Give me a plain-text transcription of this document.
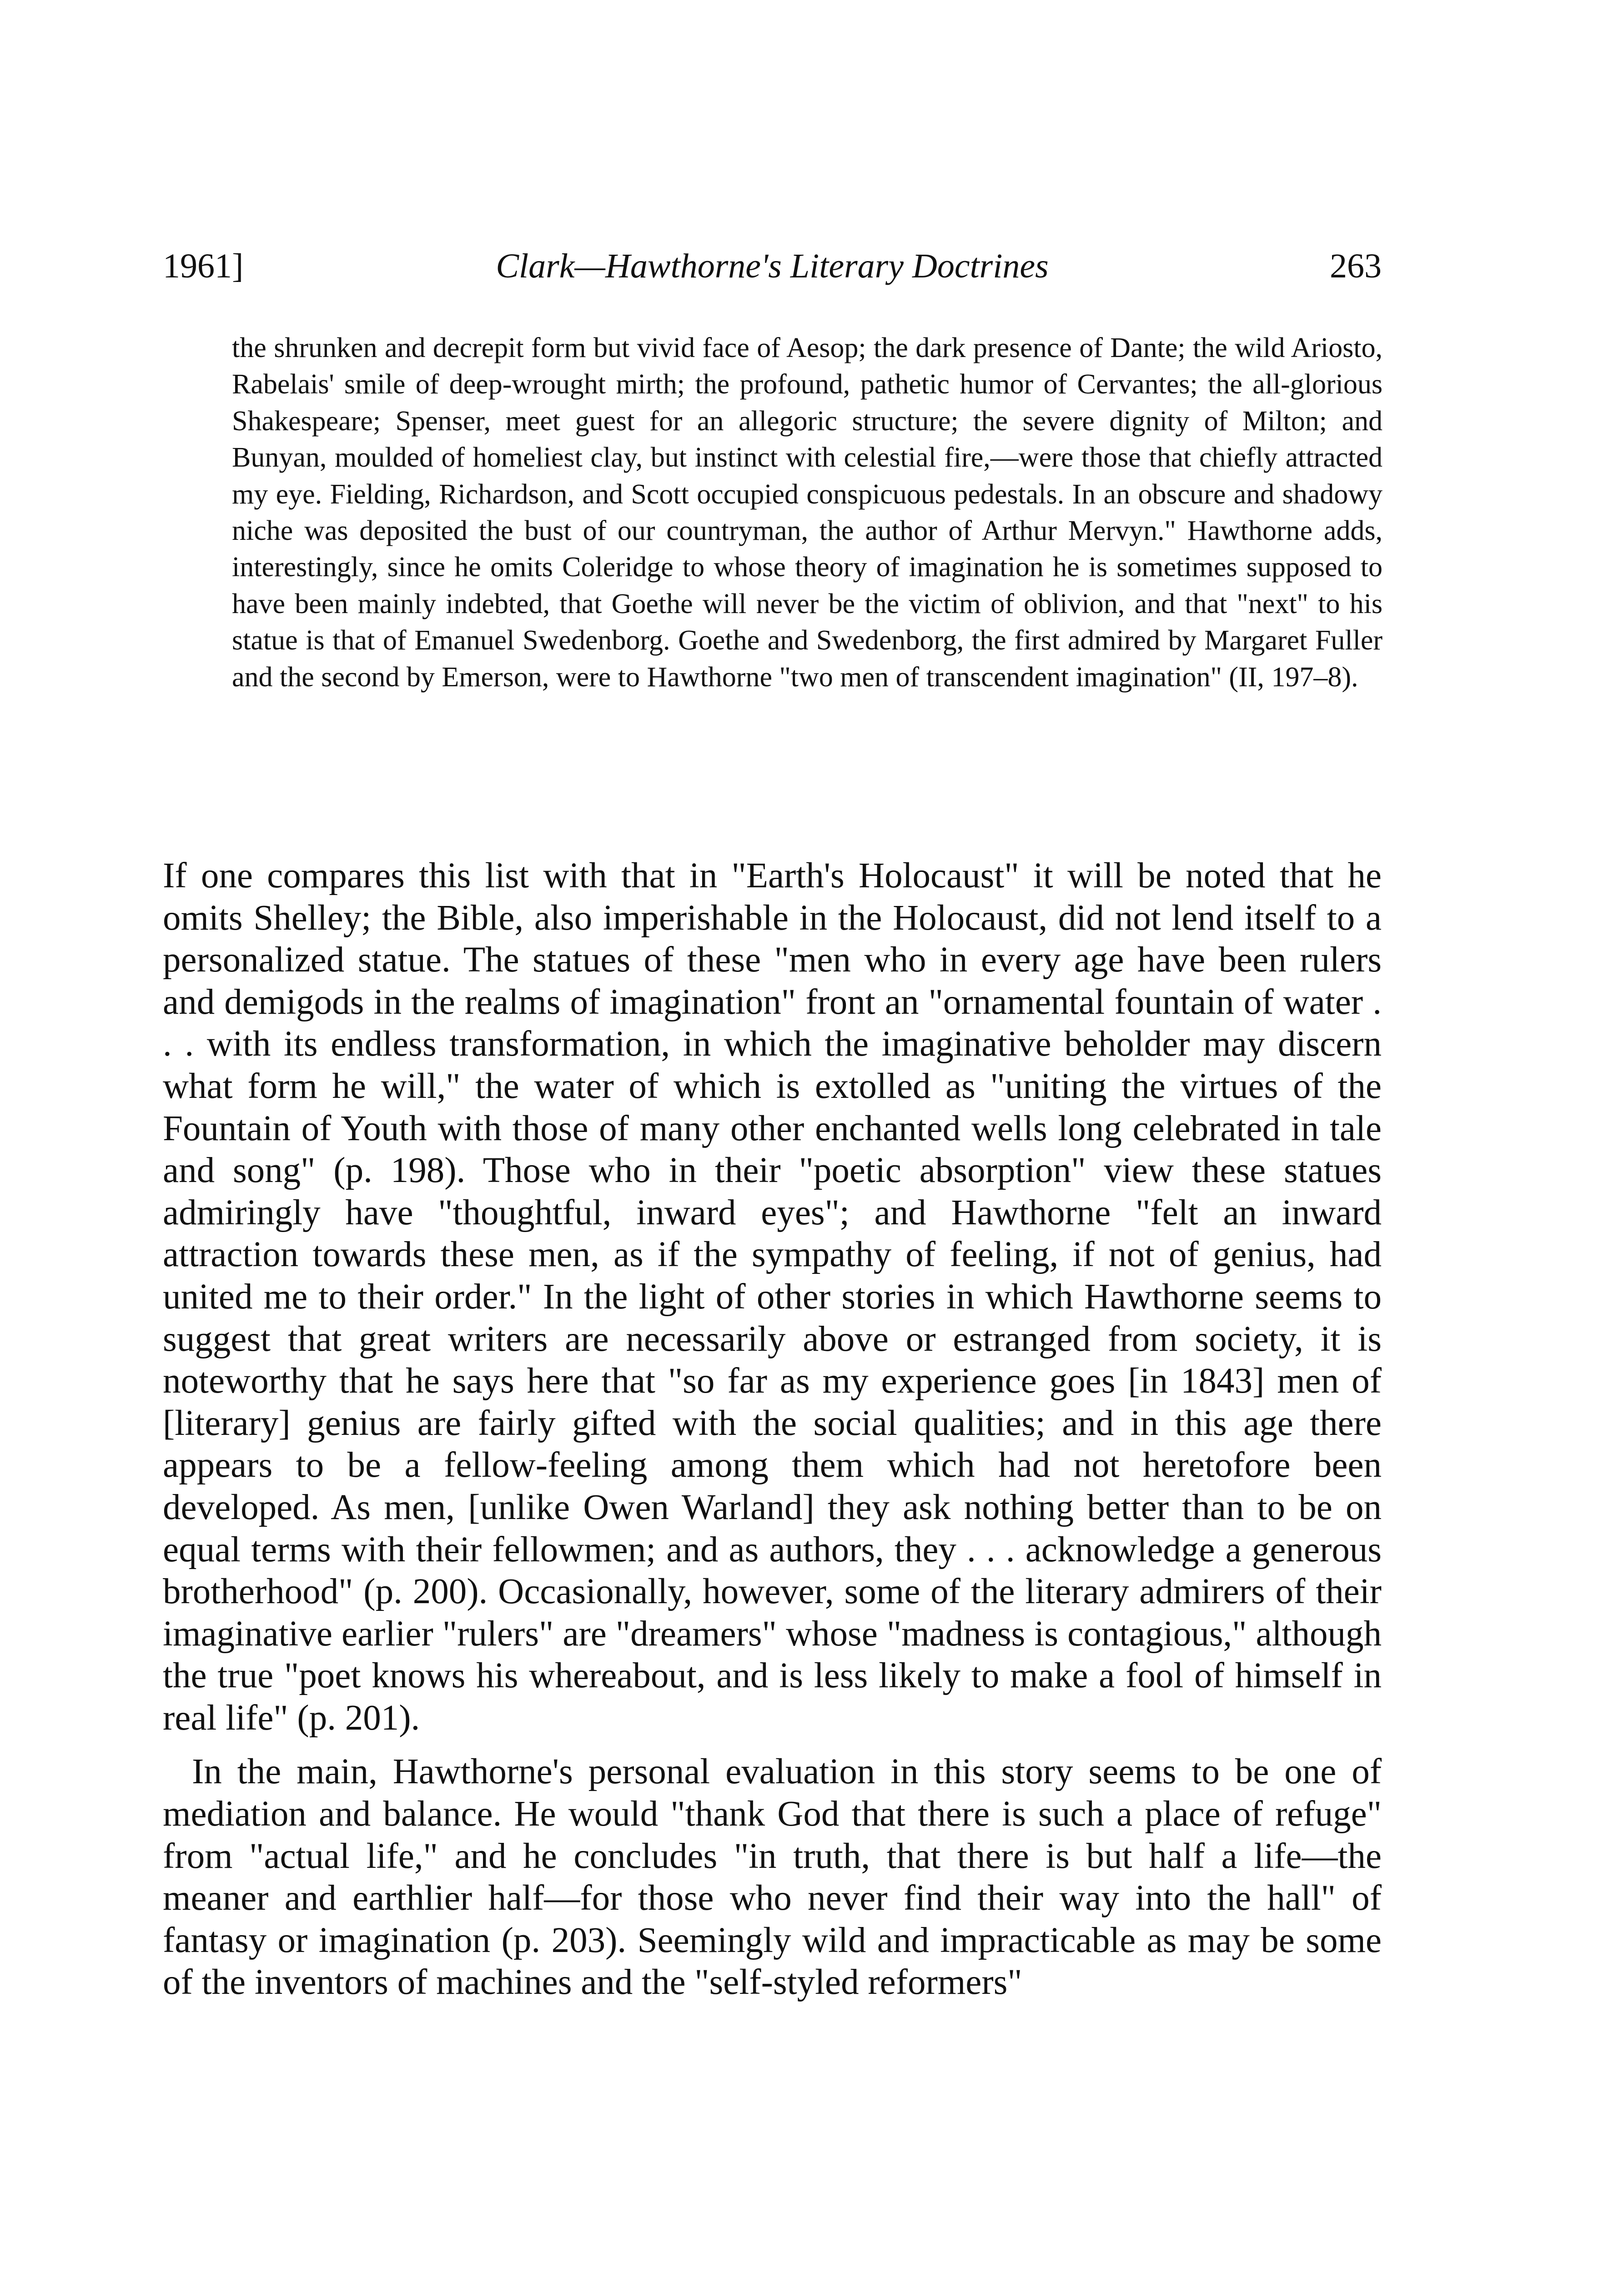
1961]	Clark—Hawthorne's Literary Doctrines	263
the shrunken and decrepit form but vivid face of Aesop; the dark presence of Dante; the wild Ariosto, Rabelais' smile of deep-wrought mirth; the profound, pathetic humor of Cervantes; the all-glorious Shakespeare; Spenser, meet guest for an allegoric structure; the severe dignity of Milton; and Bunyan, moulded of homeliest clay, but instinct with celestial fire,—were those that chiefly attracted my eye. Fielding, Richardson, and Scott occupied conspicuous pedestals. In an obscure and shadowy niche was deposited the bust of our countryman, the author of Arthur Mervyn." Hawthorne adds, interestingly, since he omits Coleridge to whose theory of imagination he is sometimes supposed to have been mainly indebted, that Goethe will never be the victim of oblivion, and that "next" to his statue is that of Emanuel Swedenborg. Goethe and Swedenborg, the first admired by Margaret Fuller and the second by Emerson, were to Hawthorne "two men of transcendent imagination" (II, 197–8).

If one compares this list with that in "Earth's Holocaust" it will be noted that he omits Shelley; the Bible, also imperishable in the Holocaust, did not lend itself to a personalized statue. The statues of these "men who in every age have been rulers and demigods in the realms of imagination" front an "ornamental fountain of water . . . with its endless transformation, in which the imaginative beholder may discern what form he will," the water of which is extolled as "uniting the virtues of the Fountain of Youth with those of many other enchanted wells long celebrated in tale and song" (p. 198). Those who in their "poetic absorption" view these statues admiringly have "thoughtful, inward eyes"; and Hawthorne "felt an inward attraction towards these men, as if the sympathy of feeling, if not of genius, had united me to their order." In the light of other stories in which Hawthorne seems to suggest that great writers are necessarily above or estranged from society, it is noteworthy that he says here that "so far as my experience goes [in 1843] men of [literary] genius are fairly gifted with the social qualities; and in this age there appears to be a fellow-feeling among them which had not heretofore been developed. As men, [unlike Owen Warland] they ask nothing better than to be on equal terms with their fellowmen; and as authors, they . . . acknowledge a generous brotherhood" (p. 200). Occasionally, however, some of the literary admirers of their imaginative earlier "rulers" are "dreamers" whose "madness is contagious," although the true "poet knows his whereabout, and is less likely to make a fool of himself in real life" (p. 201).

In the main, Hawthorne's personal evaluation in this story seems to be one of mediation and balance. He would "thank God that there is such a place of refuge" from "actual life," and he concludes "in truth, that there is but half a life—the meaner and earthlier half—for those who never find their way into the hall" of fantasy or imagination (p. 203). Seemingly wild and impracticable as may be some of the inventors of machines and the "self-styled reformers"
